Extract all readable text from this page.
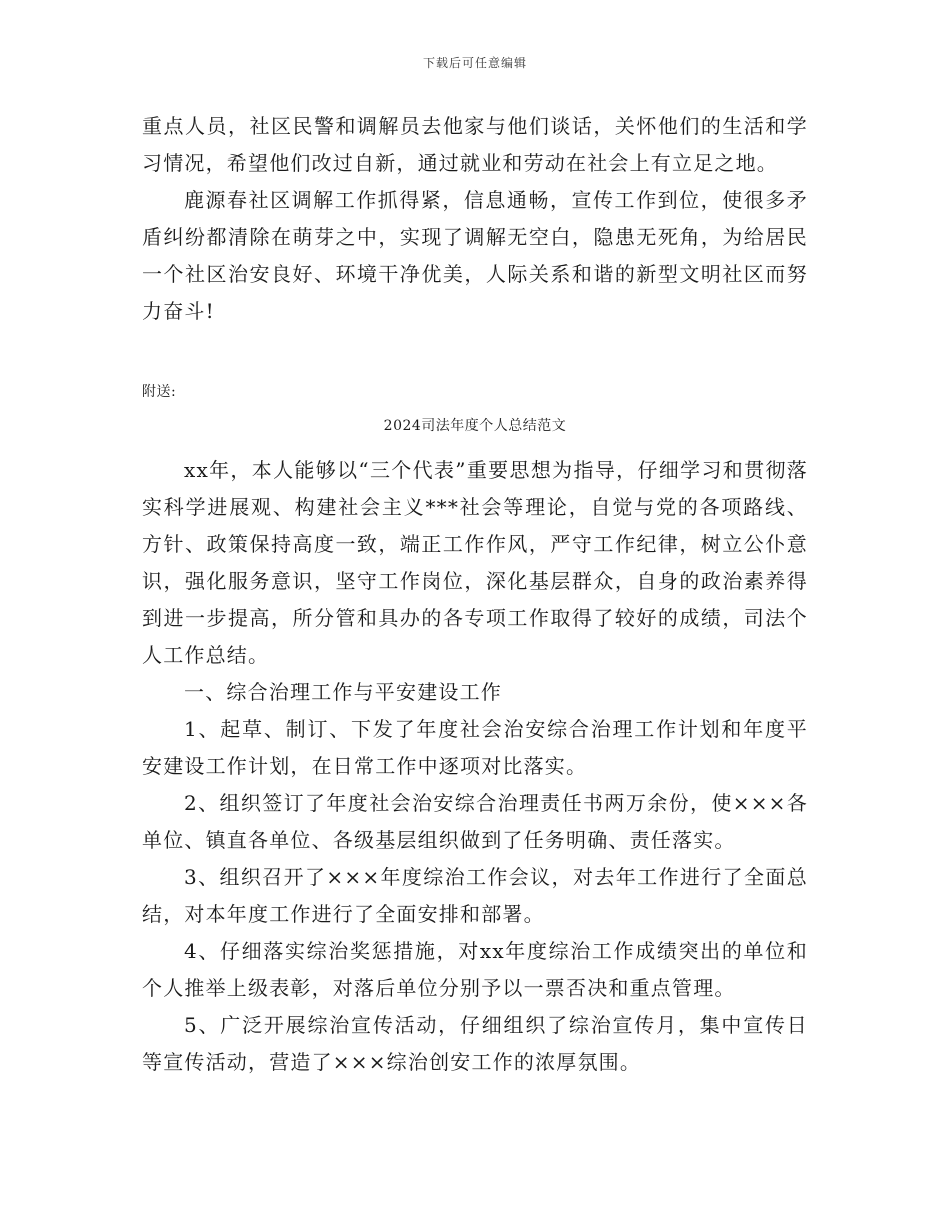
下载后可任意编辑

重点人员，社区民警和调解员去他家与他们谈话，关怀他们的生活和学习情况，希望他们改过自新，通过就业和劳动在社会上有立足之地。

鹿源春社区调解工作抓得紧，信息通畅，宣传工作到位，使很多矛盾纠纷都清除在萌芽之中，实现了调解无空白，隐患无死角，为给居民一个社区治安良好、环境干净优美，人际关系和谐的新型文明社区而努力奋斗!

附送:

2024司法年度个人总结范文

xx年，本人能够以“三个代表”重要思想为指导，仔细学习和贯彻落实科学进展观、构建社会主义***社会等理论，自觉与党的各项路线、方针、政策保持高度一致，端正工作作风，严守工作纪律，树立公仆意识，强化服务意识，坚守工作岗位，深化基层群众，自身的政治素养得到进一步提高，所分管和具办的各专项工作取得了较好的成绩，司法个人工作总结。

一、综合治理工作与平安建设工作

1、起草、制订、下发了年度社会治安综合治理工作计划和年度平安建设工作计划，在日常工作中逐项对比落实。

2、组织签订了年度社会治安综合治理责任书两万余份，使×××各单位、镇直各单位、各级基层组织做到了任务明确、责任落实。

3、组织召开了×××年度综治工作会议，对去年工作进行了全面总结，对本年度工作进行了全面安排和部署。

4、仔细落实综治奖惩措施，对xx年度综治工作成绩突出的单位和个人推举上级表彰，对落后单位分别予以一票否决和重点管理。

5、广泛开展综治宣传活动，仔细组织了综治宣传月，集中宣传日等宣传活动，营造了×××综治创安工作的浓厚氛围。
